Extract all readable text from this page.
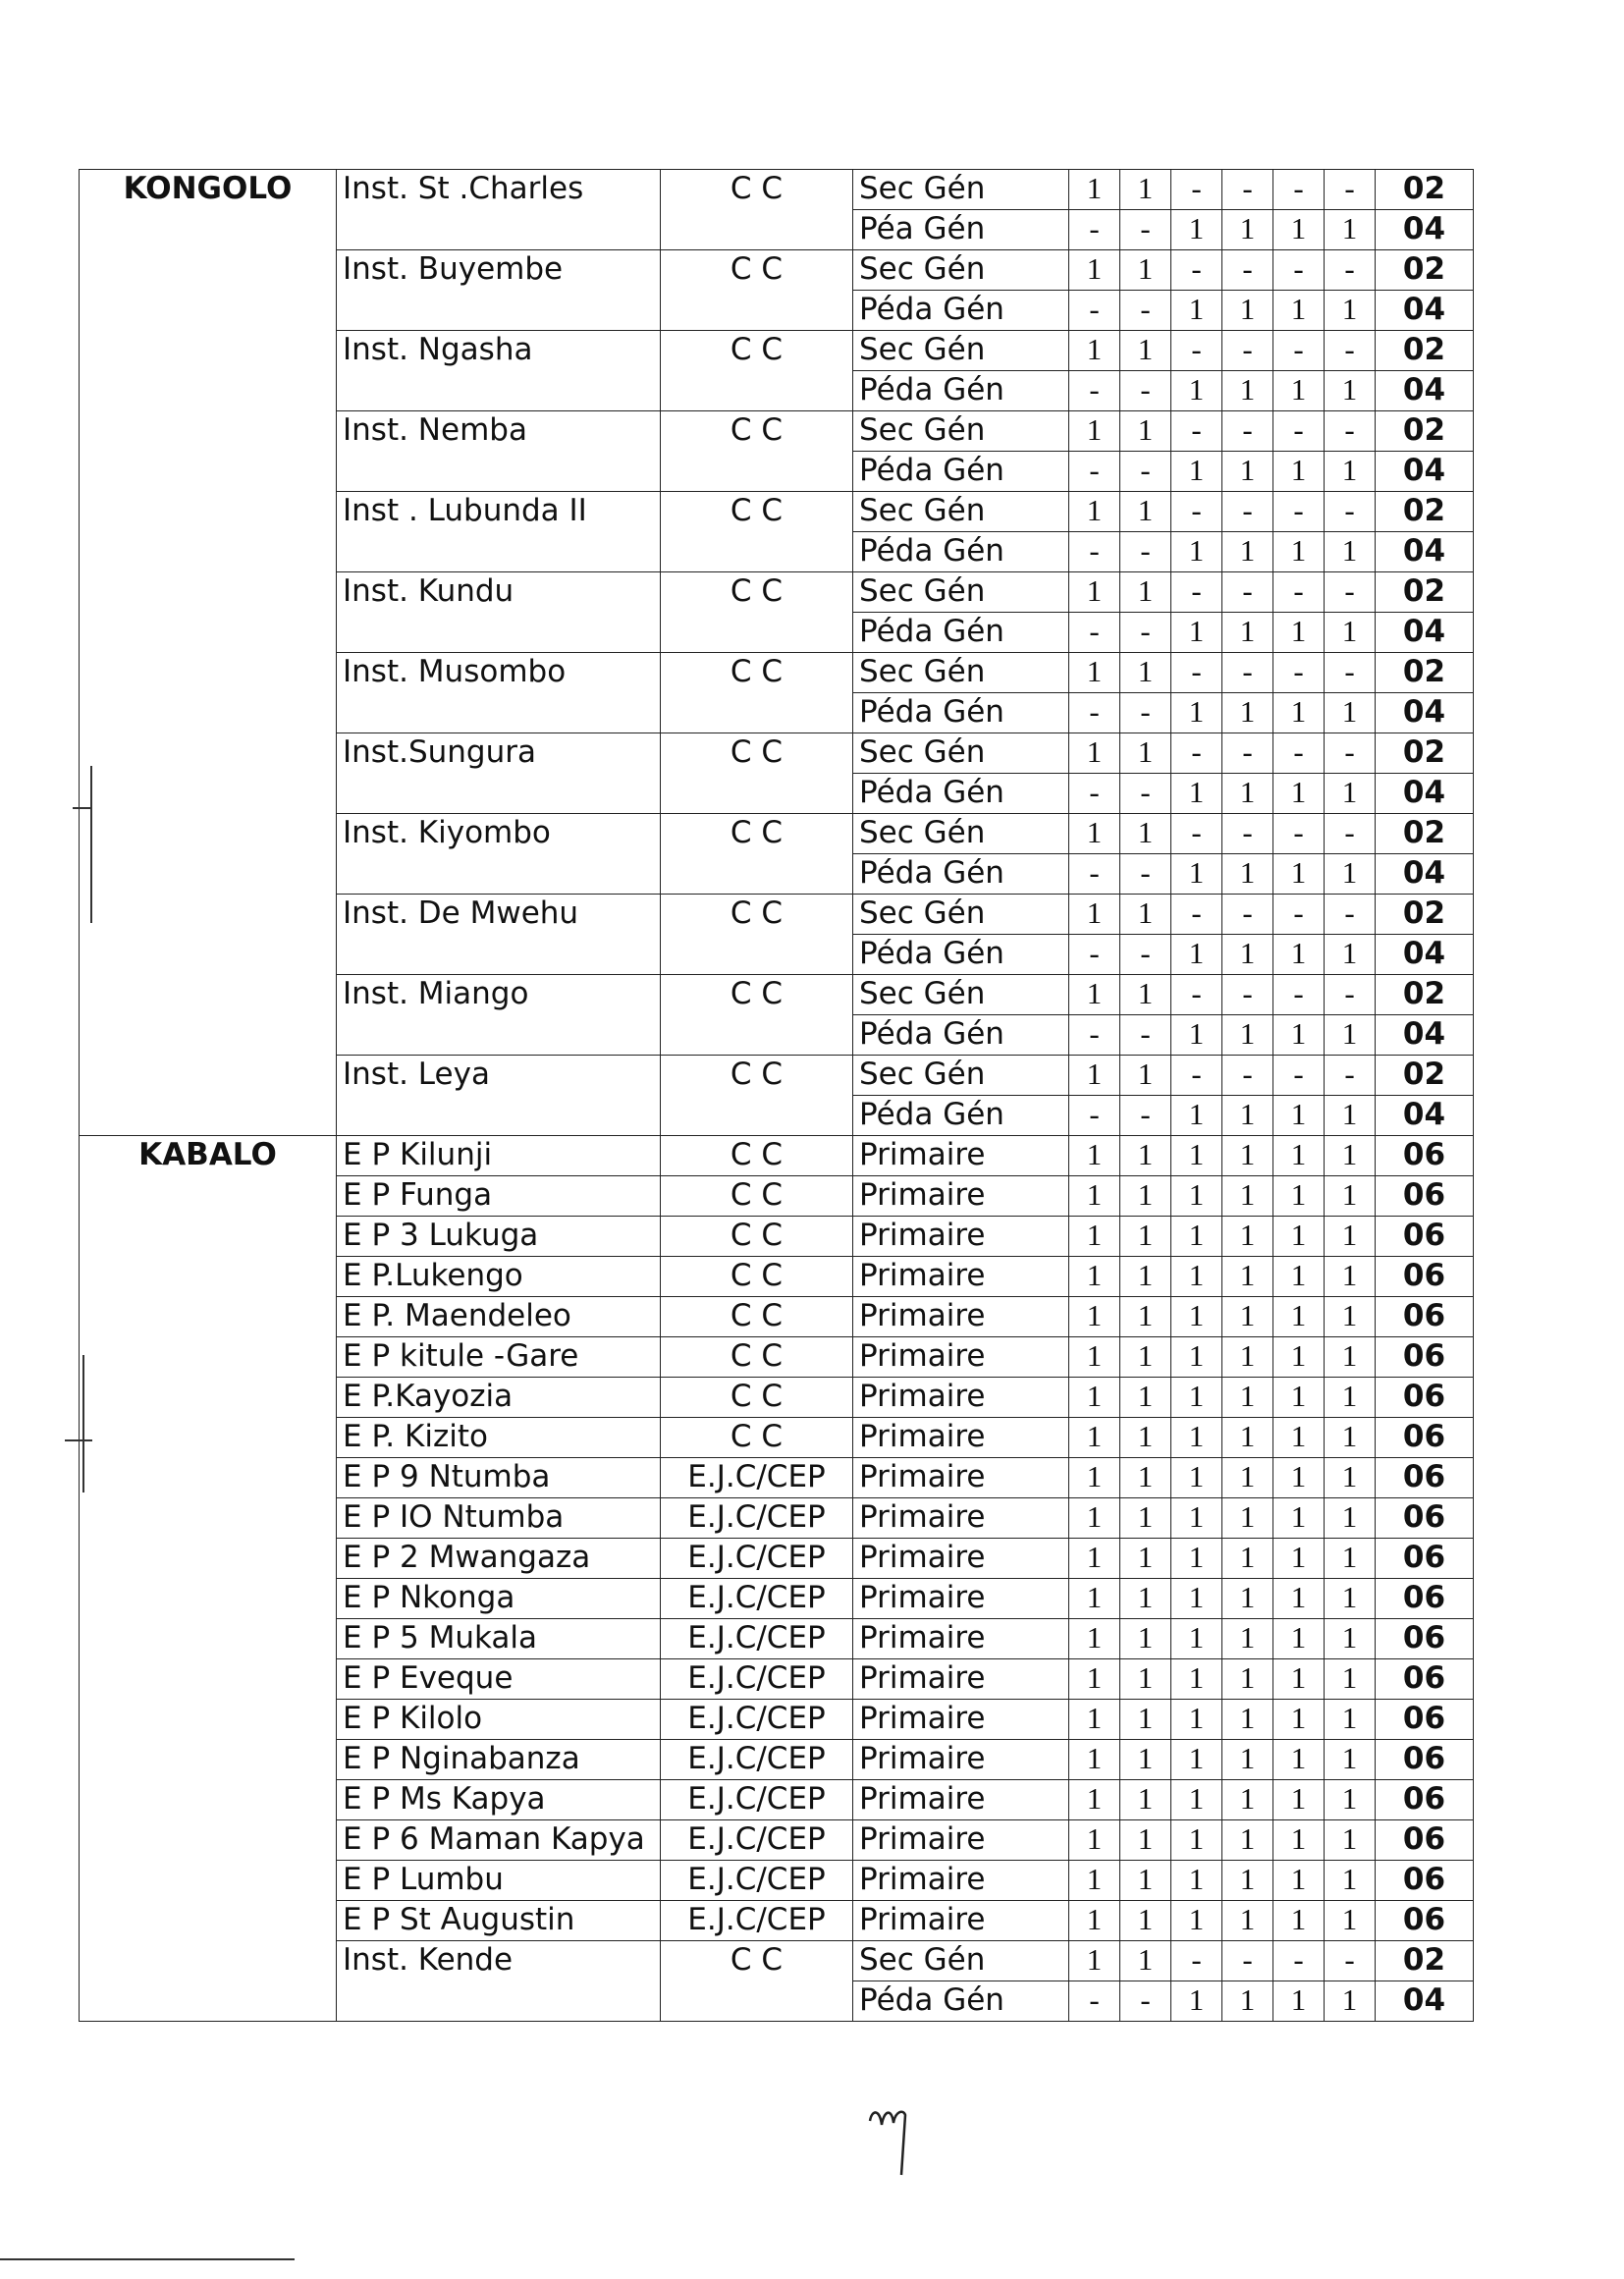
KONGOLO	Inst. St .Charles	C C	Sec Gén	1	1	-	-	-	-	02
			Péa Gén	-	-	1	1	1	1	04
	Inst. Buyembe	C C	Sec Gén	1	1	-	-	-	-	02
			Péda Gén	-	-	1	1	1	1	04
	Inst. Ngasha	C C	Sec Gén	1	1	-	-	-	-	02
			Péda Gén	-	-	1	1	1	1	04
	Inst. Nemba	C C	Sec Gén	1	1	-	-	-	-	02
			Péda Gén	-	-	1	1	1	1	04
	Inst . Lubunda II	C C	Sec Gén	1	1	-	-	-	-	02
			Péda Gén	-	-	1	1	1	1	04
	Inst. Kundu	C C	Sec Gén	1	1	-	-	-	-	02
			Péda Gén	-	-	1	1	1	1	04
	Inst. Musombo	C C	Sec Gén	1	1	-	-	-	-	02
			Péda Gén	-	-	1	1	1	1	04
	Inst.Sungura	C C	Sec Gén	1	1	-	-	-	-	02
			Péda Gén	-	-	1	1	1	1	04
	Inst. Kiyombo	C C	Sec Gén	1	1	-	-	-	-	02
			Péda Gén	-	-	1	1	1	1	04
	Inst. De Mwehu	C C	Sec Gén	1	1	-	-	-	-	02
			Péda Gén	-	-	1	1	1	1	04
	Inst. Miango	C C	Sec Gén	1	1	-	-	-	-	02
			Péda Gén	-	-	1	1	1	1	04
	Inst. Leya	C C	Sec Gén	1	1	-	-	-	-	02
			Péda Gén	-	-	1	1	1	1	04
KABALO	E P Kilunji	C C	Primaire	1	1	1	1	1	1	06
	E P Funga	C C	Primaire	1	1	1	1	1	1	06
	E P 3 Lukuga	C C	Primaire	1	1	1	1	1	1	06
	E P.Lukengo	C C	Primaire	1	1	1	1	1	1	06
	E P. Maendeleo	C C	Primaire	1	1	1	1	1	1	06
	E P kitule -Gare	C C	Primaire	1	1	1	1	1	1	06
	E P.Kayozia	C C	Primaire	1	1	1	1	1	1	06
	E P. Kizito	C C	Primaire	1	1	1	1	1	1	06
	E P 9 Ntumba	E.J.C/CEP	Primaire	1	1	1	1	1	1	06
	E P IO Ntumba	E.J.C/CEP	Primaire	1	1	1	1	1	1	06
	E P 2 Mwangaza	E.J.C/CEP	Primaire	1	1	1	1	1	1	06
	E P Nkonga	E.J.C/CEP	Primaire	1	1	1	1	1	1	06
	E P 5 Mukala	E.J.C/CEP	Primaire	1	1	1	1	1	1	06
	E P Eveque	E.J.C/CEP	Primaire	1	1	1	1	1	1	06
	E P Kilolo	E.J.C/CEP	Primaire	1	1	1	1	1	1	06
	E P Nginabanza	E.J.C/CEP	Primaire	1	1	1	1	1	1	06
	E P Ms Kapya	E.J.C/CEP	Primaire	1	1	1	1	1	1	06
	E P 6 Maman Kapya	E.J.C/CEP	Primaire	1	1	1	1	1	1	06
	E P Lumbu	E.J.C/CEP	Primaire	1	1	1	1	1	1	06
	E P St Augustin	E.J.C/CEP	Primaire	1	1	1	1	1	1	06
	Inst. Kende	C C	Sec Gén	1	1	-	-	-	-	02
			Péda Gén	-	-	1	1	1	1	04
